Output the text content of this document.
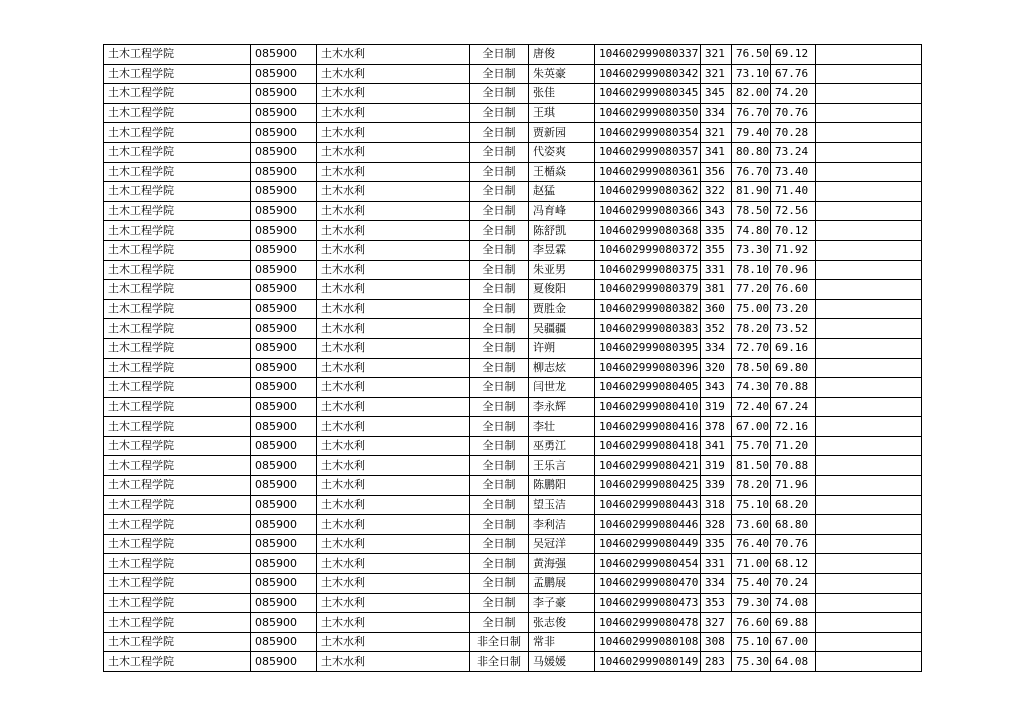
土木工程学院	085900	土木水利	全日制	唐俊	104602999080337	321	76.50	69.12	
土木工程学院	085900	土木水利	全日制	朱英豪	104602999080342	321	73.10	67.76	
土木工程学院	085900	土木水利	全日制	张佳	104602999080345	345	82.00	74.20	
土木工程学院	085900	土木水利	全日制	王琪	104602999080350	334	76.70	70.76	
土木工程学院	085900	土木水利	全日制	贾新园	104602999080354	321	79.40	70.28	
土木工程学院	085900	土木水利	全日制	代姿爽	104602999080357	341	80.80	73.24	
土木工程学院	085900	土木水利	全日制	王楯焱	104602999080361	356	76.70	73.40	
土木工程学院	085900	土木水利	全日制	赵猛	104602999080362	322	81.90	71.40	
土木工程学院	085900	土木水利	全日制	冯育峰	104602999080366	343	78.50	72.56	
土木工程学院	085900	土木水利	全日制	陈舒凯	104602999080368	335	74.80	70.12	
土木工程学院	085900	土木水利	全日制	李昱霖	104602999080372	355	73.30	71.92	
土木工程学院	085900	土木水利	全日制	朱亚男	104602999080375	331	78.10	70.96	
土木工程学院	085900	土木水利	全日制	夏俊阳	104602999080379	381	77.20	76.60	
土木工程学院	085900	土木水利	全日制	贾胜金	104602999080382	360	75.00	73.20	
土木工程学院	085900	土木水利	全日制	吴疆疆	104602999080383	352	78.20	73.52	
土木工程学院	085900	土木水利	全日制	许朔	104602999080395	334	72.70	69.16	
土木工程学院	085900	土木水利	全日制	柳志炫	104602999080396	320	78.50	69.80	
土木工程学院	085900	土木水利	全日制	闫世龙	104602999080405	343	74.30	70.88	
土木工程学院	085900	土木水利	全日制	李永辉	104602999080410	319	72.40	67.24	
土木工程学院	085900	土木水利	全日制	李壮	104602999080416	378	67.00	72.16	
土木工程学院	085900	土木水利	全日制	巫勇江	104602999080418	341	75.70	71.20	
土木工程学院	085900	土木水利	全日制	王乐言	104602999080421	319	81.50	70.88	
土木工程学院	085900	土木水利	全日制	陈鹏阳	104602999080425	339	78.20	71.96	
土木工程学院	085900	土木水利	全日制	望玉洁	104602999080443	318	75.10	68.20	
土木工程学院	085900	土木水利	全日制	李利洁	104602999080446	328	73.60	68.80	
土木工程学院	085900	土木水利	全日制	吴冠洋	104602999080449	335	76.40	70.76	
土木工程学院	085900	土木水利	全日制	黄海强	104602999080454	331	71.00	68.12	
土木工程学院	085900	土木水利	全日制	孟鹏展	104602999080470	334	75.40	70.24	
土木工程学院	085900	土木水利	全日制	李子豪	104602999080473	353	79.30	74.08	
土木工程学院	085900	土木水利	全日制	张志俊	104602999080478	327	76.60	69.88	
土木工程学院	085900	土木水利	非全日制	常非	104602999080108	308	75.10	67.00	
土木工程学院	085900	土木水利	非全日制	马媛媛	104602999080149	283	75.30	64.08	
